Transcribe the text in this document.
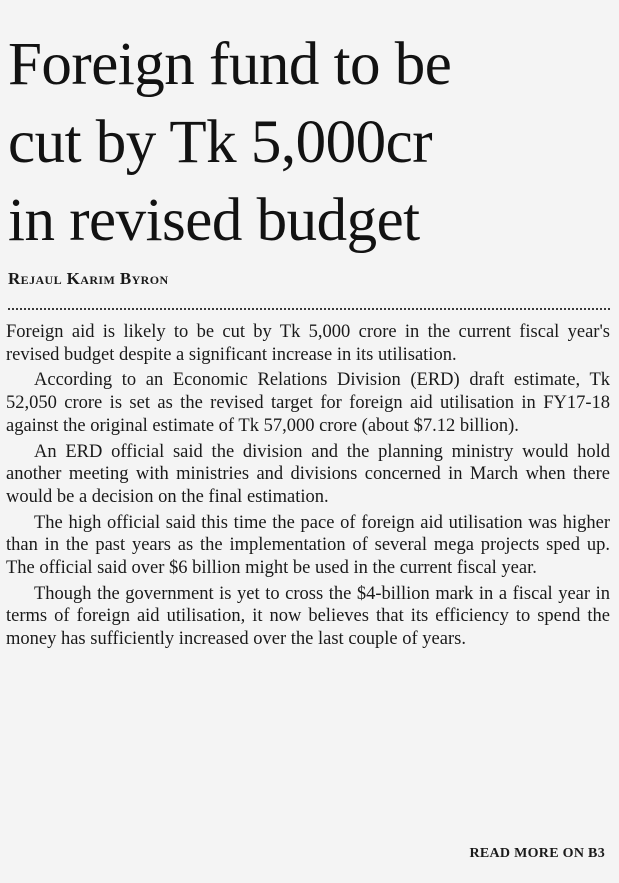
Foreign fund to be
cut by Tk 5,000cr
in revised budget
Rejaul Karim Byron

Foreign aid is likely to be cut by Tk 5,000 crore in the current fiscal year's revised budget despite a significant increase in its utilisation.

According to an Economic Relations Division (ERD) draft estimate, Tk 52,050 crore is set as the revised target for foreign aid utilisation in FY17-18 against the original estimate of Tk 57,000 crore (about $7.12 billion).

An ERD official said the division and the planning ministry would hold another meeting with ministries and divisions concerned in March when there would be a decision on the final estimation.

The high official said this time the pace of foreign aid utilisation was higher than in the past years as the implementation of several mega projects sped up. The official said over $6 billion might be used in the current fiscal year.

Though the government is yet to cross the $4-billion mark in a fiscal year in terms of foreign aid utilisation, it now believes that its efficiency to spend the money has sufficiently increased over the last couple of years.

READ MORE ON B3
